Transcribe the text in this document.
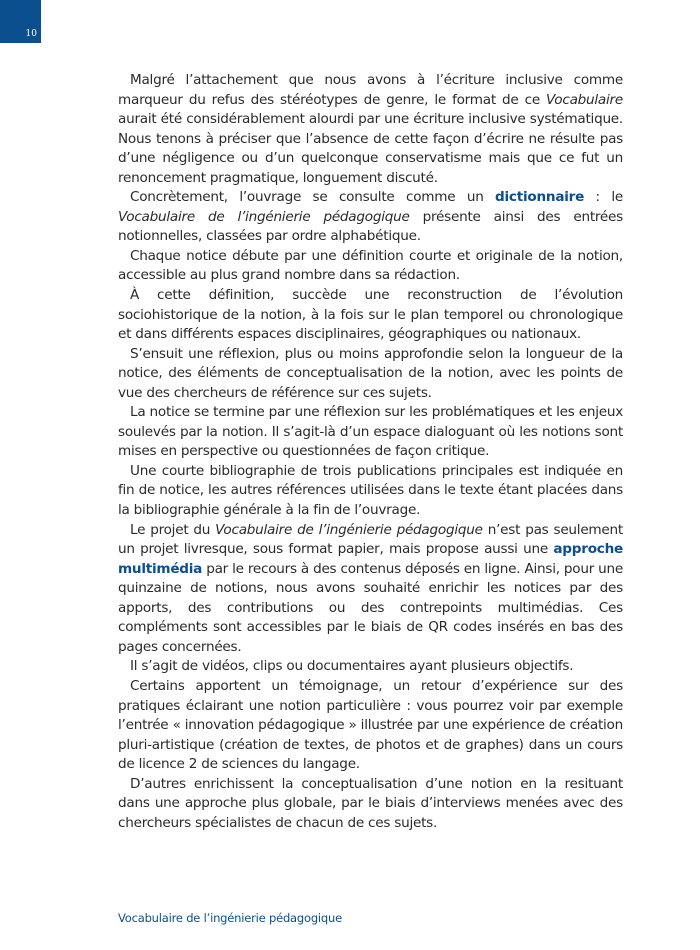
10

Malgré l’attachement que nous avons à l’écriture inclusive comme marqueur du refus des stéréotypes de genre, le format de ce Vocabulaire aurait été considérablement alourdi par une écriture inclusive systématique. Nous tenons à préciser que l’absence de cette façon d’écrire ne résulte pas d’une négligence ou d’un quelconque conservatisme mais que ce fut un renoncement pragmatique, longuement discuté.

Concrètement, l’ouvrage se consulte comme un dictionnaire : le Vocabulaire de l’ingénierie pédagogique présente ainsi des entrées notionnelles, classées par ordre alphabétique.

Chaque notice débute par une définition courte et originale de la notion, accessible au plus grand nombre dans sa rédaction.

À cette définition, succède une reconstruction de l’évolution sociohistorique de la notion, à la fois sur le plan temporel ou chronologique et dans différents espaces disciplinaires, géographiques ou nationaux.

S’ensuit une réflexion, plus ou moins approfondie selon la longueur de la notice, des éléments de conceptualisation de la notion, avec les points de vue des chercheurs de référence sur ces sujets.

La notice se termine par une réflexion sur les problématiques et les enjeux soulevés par la notion. Il s’agit-là d’un espace dialoguant où les notions sont mises en perspective ou questionnées de façon critique.

Une courte bibliographie de trois publications principales est indiquée en fin de notice, les autres références utilisées dans le texte étant placées dans la bibliographie générale à la fin de l’ouvrage.

Le projet du Vocabulaire de l’ingénierie pédagogique n’est pas seulement un projet livresque, sous format papier, mais propose aussi une approche multimédia par le recours à des contenus déposés en ligne. Ainsi, pour une quinzaine de notions, nous avons souhaité enrichir les notices par des apports, des contributions ou des contrepoints multimédias. Ces compléments sont accessibles par le biais de QR codes insérés en bas des pages concernées.

Il s’agit de vidéos, clips ou documentaires ayant plusieurs objectifs.

Certains apportent un témoignage, un retour d’expérience sur des pratiques éclairant une notion particulière : vous pourrez voir par exemple l’entrée « innovation pédagogique » illustrée par une expérience de création pluri-artistique (création de textes, de photos et de graphes) dans un cours de licence 2 de sciences du langage.

D’autres enrichissent la conceptualisation d’une notion en la resituant dans une approche plus globale, par le biais d’interviews menées avec des chercheurs spécialistes de chacun de ces sujets.

Vocabulaire de l’ingénierie pédagogique
